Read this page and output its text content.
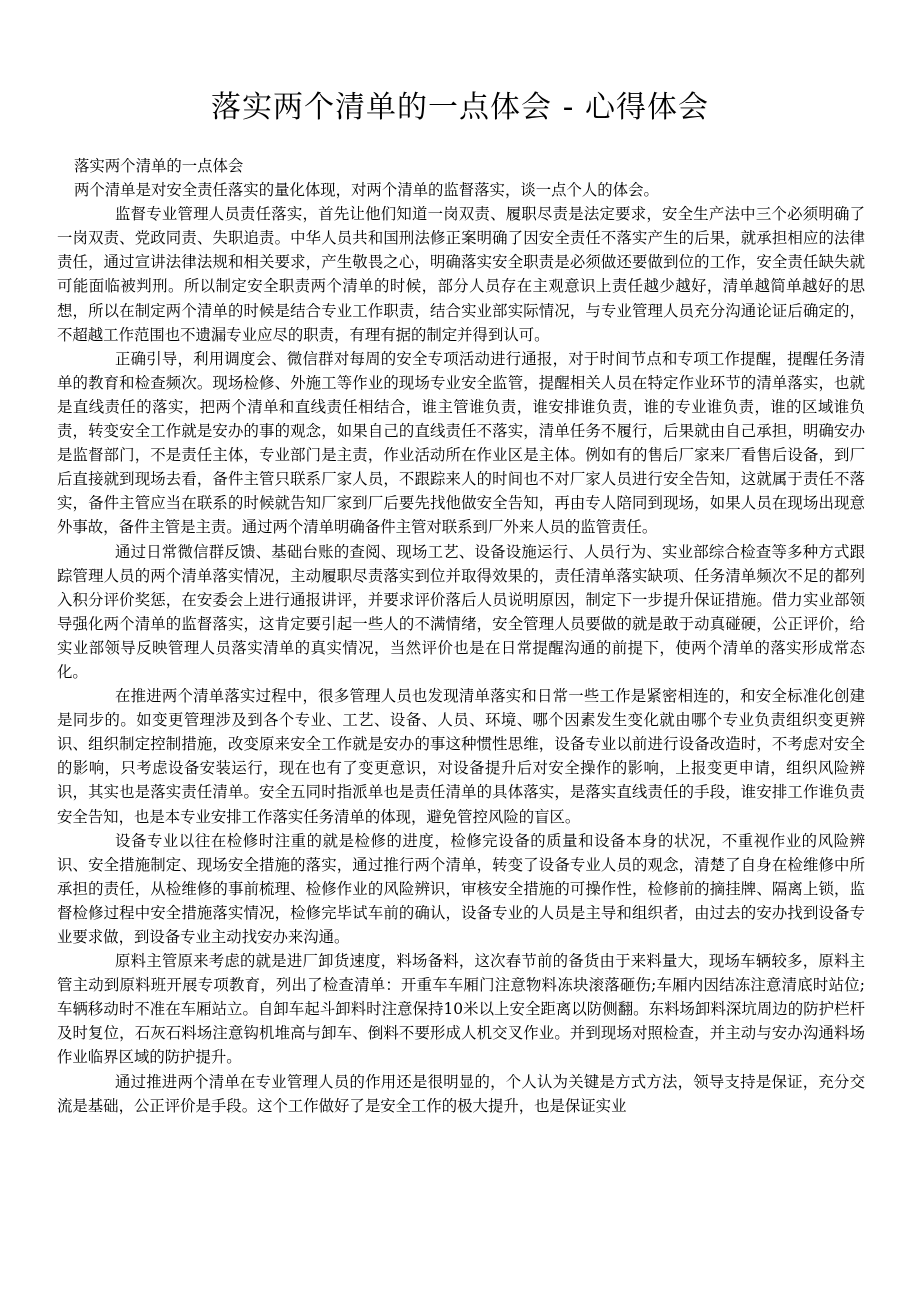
落实两个清单的一点体会 - 心得体会

落实两个清单的一点体会

两个清单是对安全责任落实的量化体现，对两个清单的监督落实，谈一点个人的体会。

监督专业管理人员责任落实，首先让他们知道一岗双责、履职尽责是法定要求，安全生产法中三个必须明确了一岗双责、党政同责、失职追责。中华人员共和国刑法修正案明确了因安全责任不落实产生的后果，就承担相应的法律责任，通过宣讲法律法规和相关要求，产生敬畏之心，明确落实安全职责是必须做还要做到位的工作，安全责任缺失就可能面临被判刑。所以制定安全职责两个清单的时候，部分人员存在主观意识上责任越少越好，清单越简单越好的思想，所以在制定两个清单的时候是结合专业工作职责，结合实业部实际情况，与专业管理人员充分沟通论证后确定的，不超越工作范围也不遗漏专业应尽的职责，有理有据的制定并得到认可。

正确引导，利用调度会、微信群对每周的安全专项活动进行通报，对于时间节点和专项工作提醒，提醒任务清单的教育和检查频次。现场检修、外施工等作业的现场专业安全监管，提醒相关人员在特定作业环节的清单落实，也就是直线责任的落实，把两个清单和直线责任相结合，谁主管谁负责，谁安排谁负责，谁的专业谁负责，谁的区域谁负责，转变安全工作就是安办的事的观念，如果自己的直线责任不落实，清单任务不履行，后果就由自己承担，明确安办是监督部门，不是责任主体，专业部门是主责，作业活动所在作业区是主体。例如有的售后厂家来厂看售后设备，到厂后直接就到现场去看，备件主管只联系厂家人员，不跟踪来人的时间也不对厂家人员进行安全告知，这就属于责任不落实，备件主管应当在联系的时候就告知厂家到厂后要先找他做安全告知，再由专人陪同到现场，如果人员在现场出现意外事故，备件主管是主责。通过两个清单明确备件主管对联系到厂外来人员的监管责任。

通过日常微信群反馈、基础台账的查阅、现场工艺、设备设施运行、人员行为、实业部综合检查等多种方式跟踪管理人员的两个清单落实情况，主动履职尽责落实到位并取得效果的，责任清单落实缺项、任务清单频次不足的都列入积分评价奖惩，在安委会上进行通报讲评，并要求评价落后人员说明原因，制定下一步提升保证措施。借力实业部领导强化两个清单的监督落实，这肯定要引起一些人的不满情绪，安全管理人员要做的就是敢于动真碰硬，公正评价，给实业部领导反映管理人员落实清单的真实情况，当然评价也是在日常提醒沟通的前提下，使两个清单的落实形成常态化。

在推进两个清单落实过程中，很多管理人员也发现清单落实和日常一些工作是紧密相连的，和安全标准化创建是同步的。如变更管理涉及到各个专业、工艺、设备、人员、环境、哪个因素发生变化就由哪个专业负责组织变更辨识、组织制定控制措施，改变原来安全工作就是安办的事这种惯性思维，设备专业以前进行设备改造时，不考虑对安全的影响，只考虑设备安装运行，现在也有了变更意识，对设备提升后对安全操作的影响，上报变更申请，组织风险辨识，其实也是落实责任清单。安全五同时指派单也是责任清单的具体落实，是落实直线责任的手段，谁安排工作谁负责安全告知，也是本专业安排工作落实任务清单的体现，避免管控风险的盲区。

设备专业以往在检修时注重的就是检修的进度，检修完设备的质量和设备本身的状况，不重视作业的风险辨识、安全措施制定、现场安全措施的落实，通过推行两个清单，转变了设备专业人员的观念，清楚了自身在检维修中所承担的责任，从检维修的事前梳理、检修作业的风险辨识，审核安全措施的可操作性，检修前的摘挂牌、隔离上锁，监督检修过程中安全措施落实情况，检修完毕试车前的确认，设备专业的人员是主导和组织者，由过去的安办找到设备专业要求做，到设备专业主动找安办来沟通。

原料主管原来考虑的就是进厂卸货速度，料场备料，这次春节前的备货由于来料量大，现场车辆较多，原料主管主动到原料班开展专项教育，列出了检查清单：开重车车厢门注意物料冻块滚落砸伤;车厢内因结冻注意清底时站位;车辆移动时不准在车厢站立。自卸车起斗卸料时注意保持10米以上安全距离以防侧翻。东料场卸料深坑周边的防护栏杆及时复位，石灰石料场注意钩机堆高与卸车、倒料不要形成人机交叉作业。并到现场对照检查，并主动与安办沟通料场作业临界区域的防护提升。

通过推进两个清单在专业管理人员的作用还是很明显的，个人认为关键是方式方法，领导支持是保证，充分交流是基础，公正评价是手段。这个工作做好了是安全工作的极大提升，也是保证实业
